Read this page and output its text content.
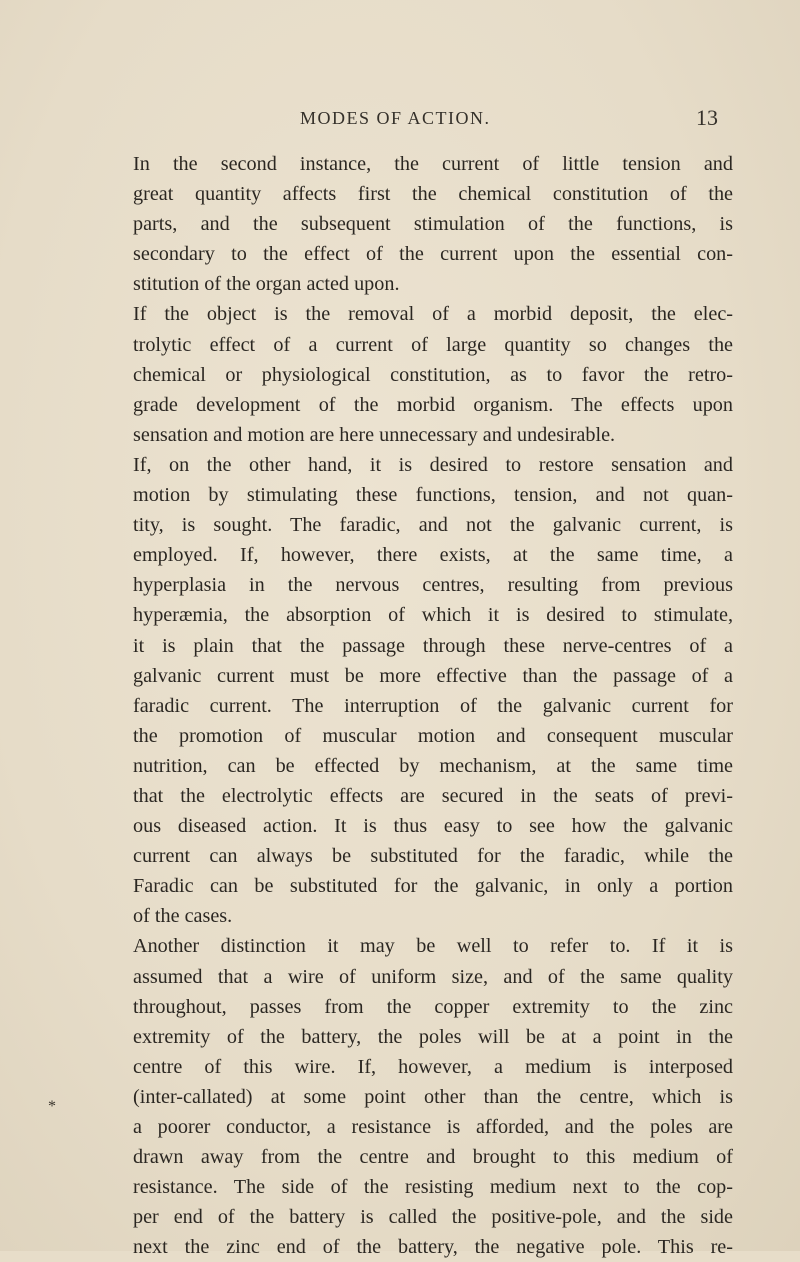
MODES OF ACTION.	13
In the second instance, the current of little tension and
great quantity affects first the chemical constitution of the
parts, and the subsequent stimulation of the functions, is
secondary to the effect of the current upon the essential con-
stitution of the organ acted upon.
If the object is the removal of a morbid deposit, the elec-
trolytic effect of a current of large quantity so changes the
chemical or physiological constitution, as to favor the retro-
grade development of the morbid organism. The effects upon
sensation and motion are here unnecessary and undesirable.
If, on the other hand, it is desired to restore sensation and
motion by stimulating these functions, tension, and not quan-
tity, is sought. The faradic, and not the galvanic current, is
employed. If, however, there exists, at the same time, a
hyperplasia in the nervous centres, resulting from previous
hyperæmia, the absorption of which it is desired to stimulate,
it is plain that the passage through these nerve-centres of a
galvanic current must be more effective than the passage of a
faradic current. The interruption of the galvanic current for
the promotion of muscular motion and consequent muscular
nutrition, can be effected by mechanism, at the same time
that the electrolytic effects are secured in the seats of previ-
ous diseased action. It is thus easy to see how the galvanic
current can always be substituted for the faradic, while the
Faradic can be substituted for the galvanic, in only a portion
of the cases.
Another distinction it may be well to refer to. If it is
assumed that a wire of uniform size, and of the same quality
throughout, passes from the copper extremity to the zinc
extremity of the battery, the poles will be at a point in the
centre of this wire. If, however, a medium is interposed
(inter-callated) at some point other than the centre, which is
a poorer conductor, a resistance is afforded, and the poles are
drawn away from the centre and brought to this medium of
resistance. The side of the resisting medium next to the cop-
per end of the battery is called the positive-pole, and the side
next the zinc end of the battery, the negative pole. This re-
*
